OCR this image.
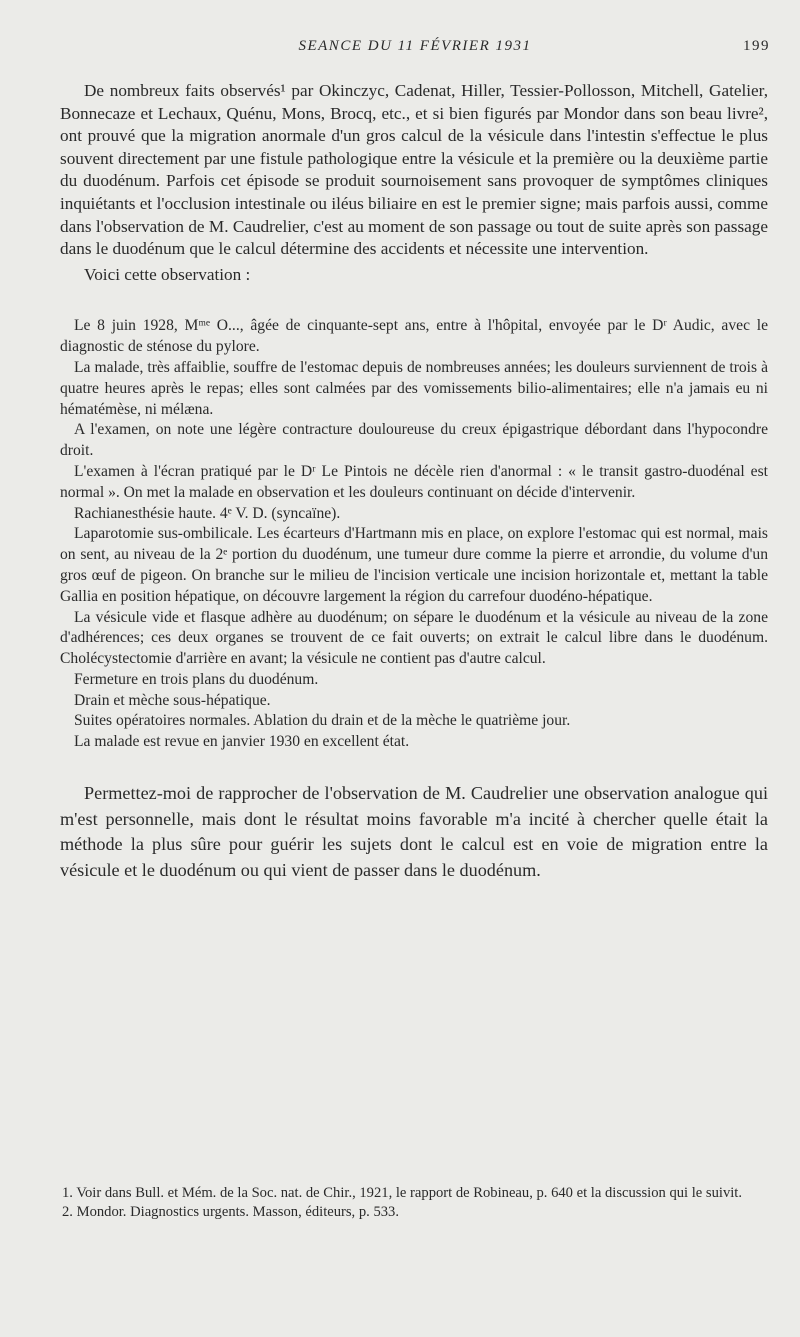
SEANCE DU 11 FÉVRIER 1931	199

De nombreux faits observés¹ par Okinczyc, Cadenat, Hiller, Tessier-Pollosson, Mitchell, Gatelier, Bonnecaze et Lechaux, Quénu, Mons, Brocq, etc., et si bien figurés par Mondor dans son beau livre², ont prouvé que la migration anormale d'un gros calcul de la vésicule dans l'intestin s'effectue le plus souvent directement par une fistule pathologique entre la vésicule et la première ou la deuxième partie du duodénum. Parfois cet épisode se produit sournoisement sans provoquer de symptômes cliniques inquiétants et l'occlusion intestinale ou iléus biliaire en est le premier signe; mais parfois aussi, comme dans l'observation de M. Caudrelier, c'est au moment de son passage ou tout de suite après son passage dans le duodénum que le calcul détermine des accidents et nécessite une intervention.

Voici cette observation :

Le 8 juin 1928, Mᵐᵉ O..., âgée de cinquante-sept ans, entre à l'hôpital, envoyée par le Dʳ Audic, avec le diagnostic de sténose du pylore.

La malade, très affaiblie, souffre de l'estomac depuis de nombreuses années; les douleurs surviennent de trois à quatre heures après le repas; elles sont calmées par des vomissements bilio-alimentaires; elle n'a jamais eu ni hématémèse, ni mélæna.

A l'examen, on note une légère contracture douloureuse du creux épigastrique débordant dans l'hypocondre droit.

L'examen à l'écran pratiqué par le Dʳ Le Pintois ne décèle rien d'anormal : « le transit gastro-duodénal est normal ». On met la malade en observation et les douleurs continuant on décide d'intervenir.

Rachianesthésie haute. 4ᵉ V. D. (syncaïne).

Laparotomie sus-ombilicale. Les écarteurs d'Hartmann mis en place, on explore l'estomac qui est normal, mais on sent, au niveau de la 2ᵉ portion du duodénum, une tumeur dure comme la pierre et arrondie, du volume d'un gros œuf de pigeon. On branche sur le milieu de l'incision verticale une incision horizontale et, mettant la table Gallia en position hépatique, on découvre largement la région du carrefour duodéno-hépatique.

La vésicule vide et flasque adhère au duodénum; on sépare le duodénum et la vésicule au niveau de la zone d'adhérences; ces deux organes se trouvent de ce fait ouverts; on extrait le calcul libre dans le duodénum. Cholécystectomie d'arrière en avant; la vésicule ne contient pas d'autre calcul.

Fermeture en trois plans du duodénum.

Drain et mèche sous-hépatique.

Suites opératoires normales. Ablation du drain et de la mèche le quatrième jour.

La malade est revue en janvier 1930 en excellent état.

Permettez-moi de rapprocher de l'observation de M. Caudrelier une observation analogue qui m'est personnelle, mais dont le résultat moins favorable m'a incité à chercher quelle était la méthode la plus sûre pour guérir les sujets dont le calcul est en voie de migration entre la vésicule et le duodénum ou qui vient de passer dans le duodénum.

1. Voir dans Bull. et Mém. de la Soc. nat. de Chir., 1921, le rapport de Robineau, p. 640 et la discussion qui le suivit.

2. Mondor. Diagnostics urgents. Masson, éditeurs, p. 533.
